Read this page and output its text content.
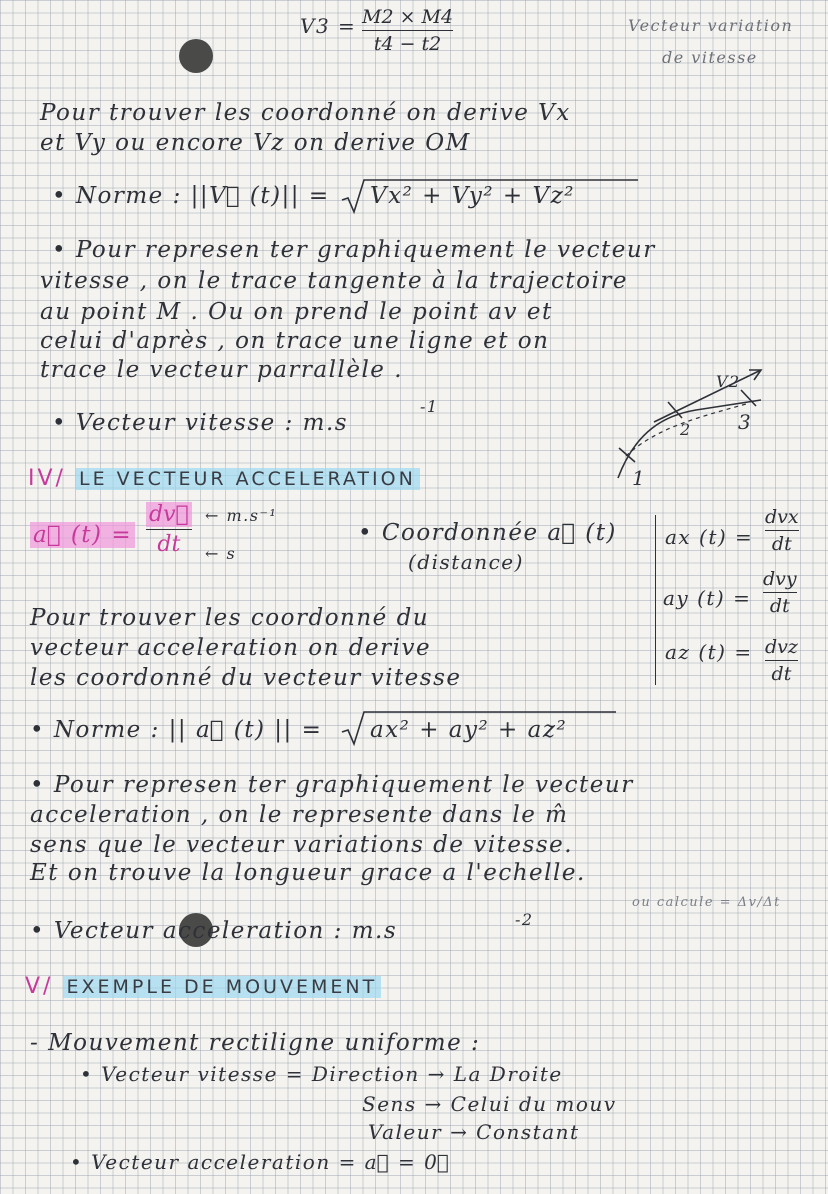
V3 = M2 × M4
t4 − t2
Vecteur variation
de vitesse
Pour trouver les coordonné on derive Vx
et Vy ou encore Vz on derive OM
• Norme : ||V⃗ (t)|| = Vx² + Vy² + Vz²
• Pour represen ter graphiquement le vecteur
vitesse , on le trace tangente à la trajectoire
au point M . Ou on prend le point av et
celui d'après , on trace une ligne et on
trace le vecteur parrallèle .	V2
2 3
1
• Vecteur vitesse : m.s
-1
IV/ LE VECTEUR ACCELERATION
a⃗ (t) =
dv⃗
dt
← m.s⁻¹
← s
• Coordonnée a⃗ (t)
(distance)
ax (t) =
dvx
dt
ay (t) =
dvy
dt
az (t) = dvz
dt
Pour trouver les coordonné du
vecteur acceleration on derive
les coordonné du vecteur vitesse
• Norme : || a⃗ (t) || = ax² + ay² + az²
• Pour represen ter graphiquement le vecteur
acceleration , on le represente dans le m̂
sens que le vecteur variations de vitesse.
Et on trouve la longueur grace a l'echelle.
ou calcule = Δv/Δt
• Vecteur acceleration : m.s	-2
V/ EXEMPLE DE MOUVEMENT
- Mouvement rectiligne uniforme :
• Vecteur vitesse = Direction → La Droite
Sens → Celui du mouv
Valeur → Constant
• Vecteur acceleration = a⃗ = 0⃗
